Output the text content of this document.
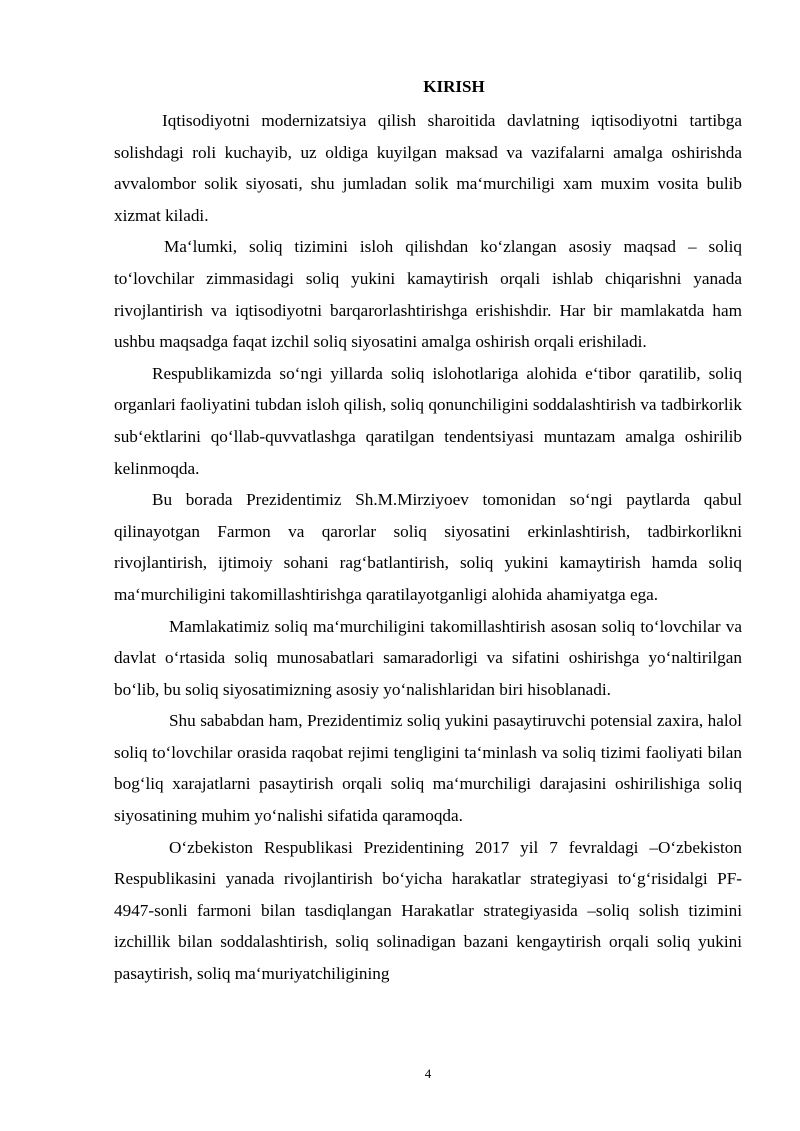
KIRISH

Iqtisodiyotni modernizatsiya qilish sharoitida davlatning iqtisodiyotni tartibga solishdagi roli kuchayib, uz oldiga kuyilgan maksad va vazifalarni amalga oshirishda avvalombor solik siyosati, shu jumladan solik ma‘murchiligi xam muxim vosita bulib xizmat kiladi.

Ma‘lumki, soliq tizimini isloh qilishdan ko‘zlangan asosiy maqsad – soliq to‘lovchilar zimmasidagi soliq yukini kamaytirish orqali ishlab chiqarishni yanada rivojlantirish va iqtisodiyotni barqarorlashtirishga erishishdir. Har bir mamlakatda ham ushbu maqsadga faqat izchil soliq siyosatini amalga oshirish orqali erishiladi.

Respublikamizda so‘ngi yillarda soliq islohotlariga alohida e‘tibor qaratilib, soliq organlari faoliyatini tubdan isloh qilish, soliq qonunchiligini soddalashtirish va tadbirkorlik sub‘ektlarini qo‘llab-quvvatlashga qaratilgan tendentsiyasi muntazam amalga oshirilib kelinmoqda.

Bu borada Prezidentimiz Sh.M.Mirziyoev tomonidan so‘ngi paytlarda qabul qilinayotgan Farmon va qarorlar soliq siyosatini erkinlashtirish, tadbirkorlikni rivojlantirish, ijtimoiy sohani rag‘batlantirish, soliq yukini kamaytirish hamda soliq ma‘murchiligini takomillashtirishga qaratilayotganligi alohida ahamiyatga ega.

Mamlakatimiz soliq ma‘murchiligini takomillashtirish asosan soliq to‘lovchilar va davlat o‘rtasida soliq munosabatlari samaradorligi va sifatini oshirishga yo‘naltirilgan bo‘lib, bu soliq siyosatimizning asosiy yo‘nalishlaridan biri hisoblanadi.

Shu sababdan ham, Prezidentimiz soliq yukini pasaytiruvchi potensial zaxira, halol soliq to‘lovchilar orasida raqobat rejimi tengligini ta‘minlash va soliq tizimi faoliyati bilan bog‘liq xarajatlarni pasaytirish orqali soliq ma‘murchiligi darajasini oshirilishiga soliq siyosatining muhim yo‘nalishi sifatida qaramoqda.

O‘zbekiston Respublikasi Prezidentining 2017 yil 7 fevraldagi –O‘zbekiston Respublikasini yanada rivojlantirish bo‘yicha harakatlar strategiyasi to‘g‘risidalgi PF-4947-sonli farmoni bilan tasdiqlangan Harakatlar strategiyasida –soliq solish tizimini izchillik bilan soddalashtirish, soliq solinadigan bazani kengaytirish orqali soliq yukini pasaytirish, soliq ma‘muriyatchiligining

4
